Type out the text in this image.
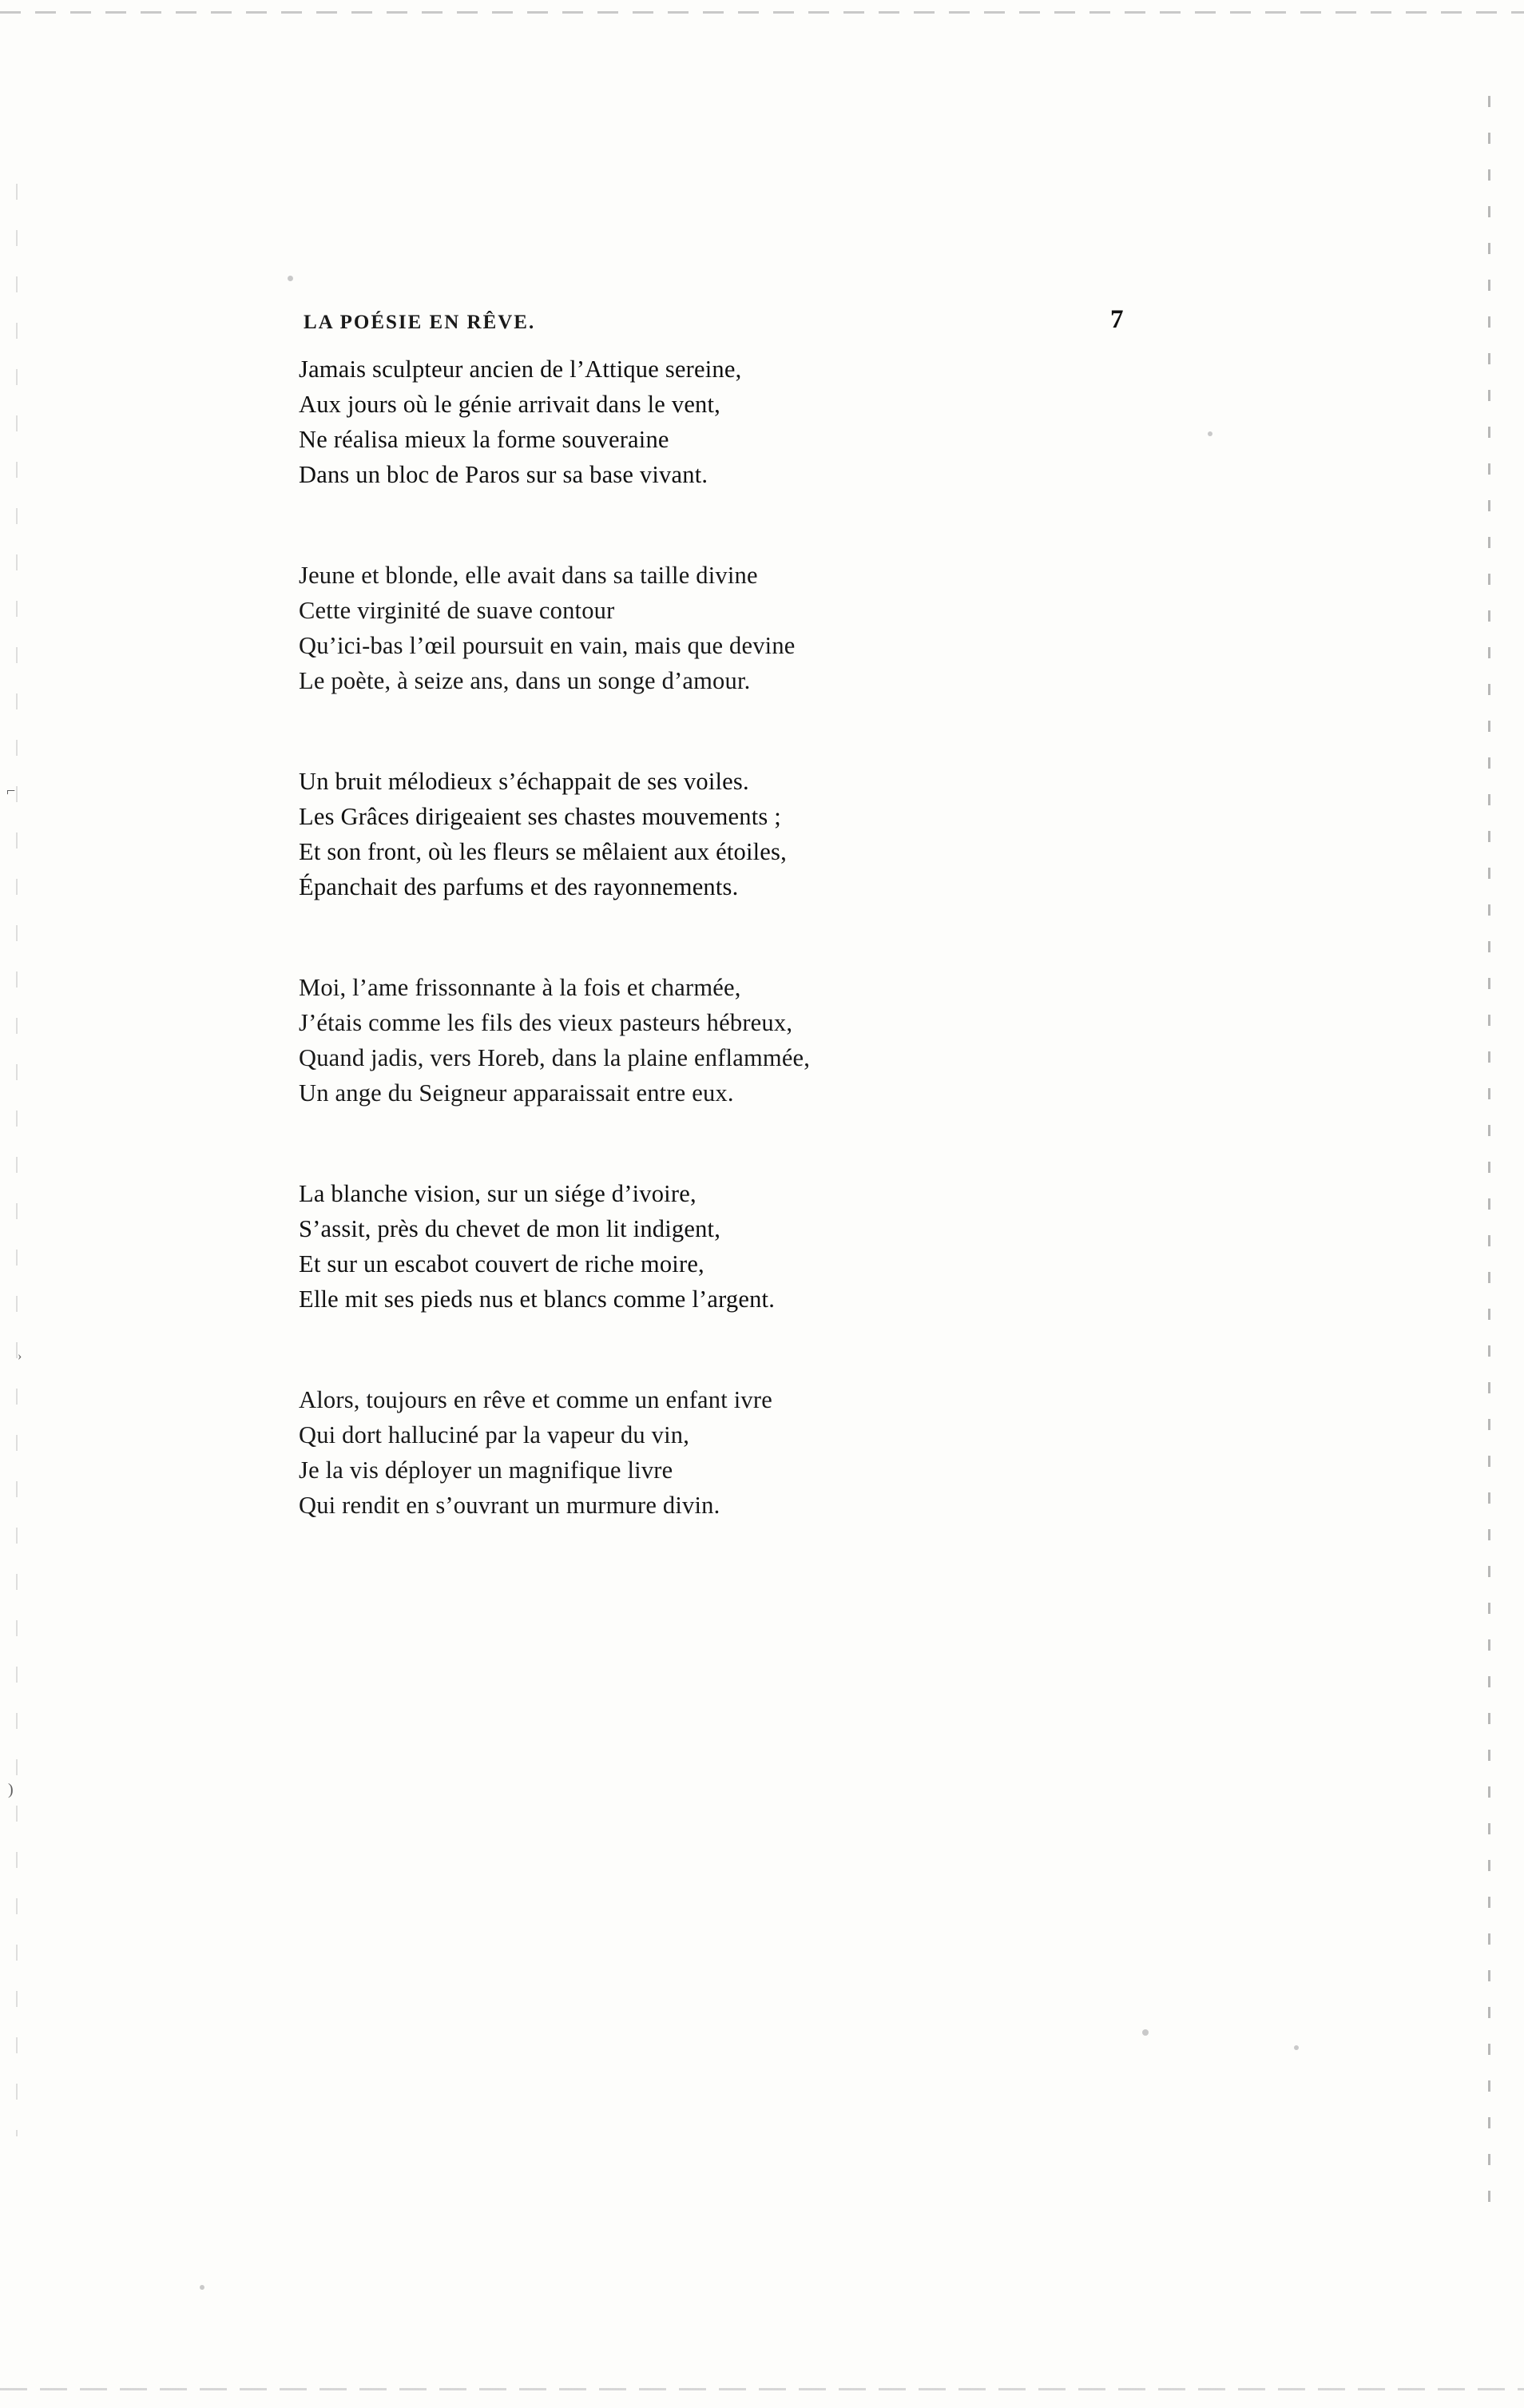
⌐
›
)
LA POÉSIE EN RÊVE.	7
Jamais sculpteur ancien de l’Attique sereine,
Aux jours où le génie arrivait dans le vent,
Ne réalisa mieux la forme souveraine
Dans un bloc de Paros sur sa base vivant.
Jeune et blonde, elle avait dans sa taille divine
Cette virginité de suave contour
Qu’ici-bas l’œil poursuit en vain, mais que devine
Le poète, à seize ans, dans un songe d’amour.
Un bruit mélodieux s’échappait de ses voiles.
Les Grâces dirigeaient ses chastes mouvements ;
Et son front, où les fleurs se mêlaient aux étoiles,
Épanchait des parfums et des rayonnements.
Moi, l’ame frissonnante à la fois et charmée,
J’étais comme les fils des vieux pasteurs hébreux,
Quand jadis, vers Horeb, dans la plaine enflammée,
Un ange du Seigneur apparaissait entre eux.
La blanche vision, sur un siége d’ivoire,
S’assit, près du chevet de mon lit indigent,
Et sur un escabot couvert de riche moire,
Elle mit ses pieds nus et blancs comme l’argent.
Alors, toujours en rêve et comme un enfant ivre
Qui dort halluciné par la vapeur du vin,
Je la vis déployer un magnifique livre
Qui rendit en s’ouvrant un murmure divin.
